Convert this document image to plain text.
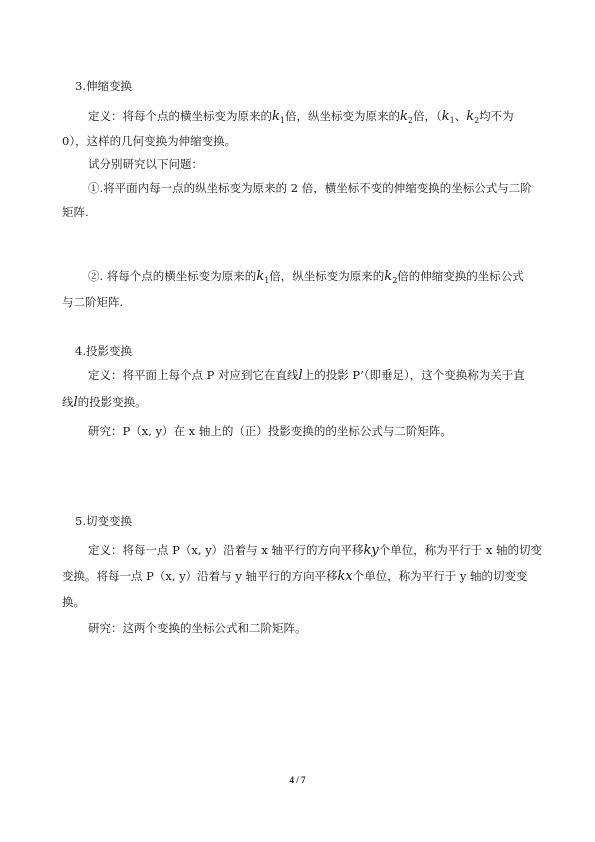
3.伸缩变换
定义：将每个点的横坐标变为原来的$k_1$倍，纵坐标变为原来的$k_2$倍，（$k_1$、$k_2$均不为
0），这样的几何变换为伸缩变换。
试分别研究以下问题：
①.将平面内每一点的纵坐标变为原来的 2 倍，横坐标不变的伸缩变换的坐标公式与二阶
矩阵.
②. 将每个点的横坐标变为原来的$k_1$倍，纵坐标变为原来的$k_2$倍的伸缩变换的坐标公式
与二阶矩阵.
4.投影变换
定义：将平面上每个点 P 对应到它在直线l上的投影 P’（即垂足），这个变换称为关于直
线l的投影变换。
研究：P（x, y）在 x 轴上的（正）投影变换的的坐标公式与二阶矩阵。
5.切变变换
定义：将每一点 P（x, y）沿着与 x 轴平行的方向平移ky个单位，称为平行于 x 轴的切变
变换。将每一点 P（x, y）沿着与 y 轴平行的方向平移kx个单位，称为平行于 y 轴的切变变
换。
研究：这两个变换的坐标公式和二阶矩阵。
4 / 7
